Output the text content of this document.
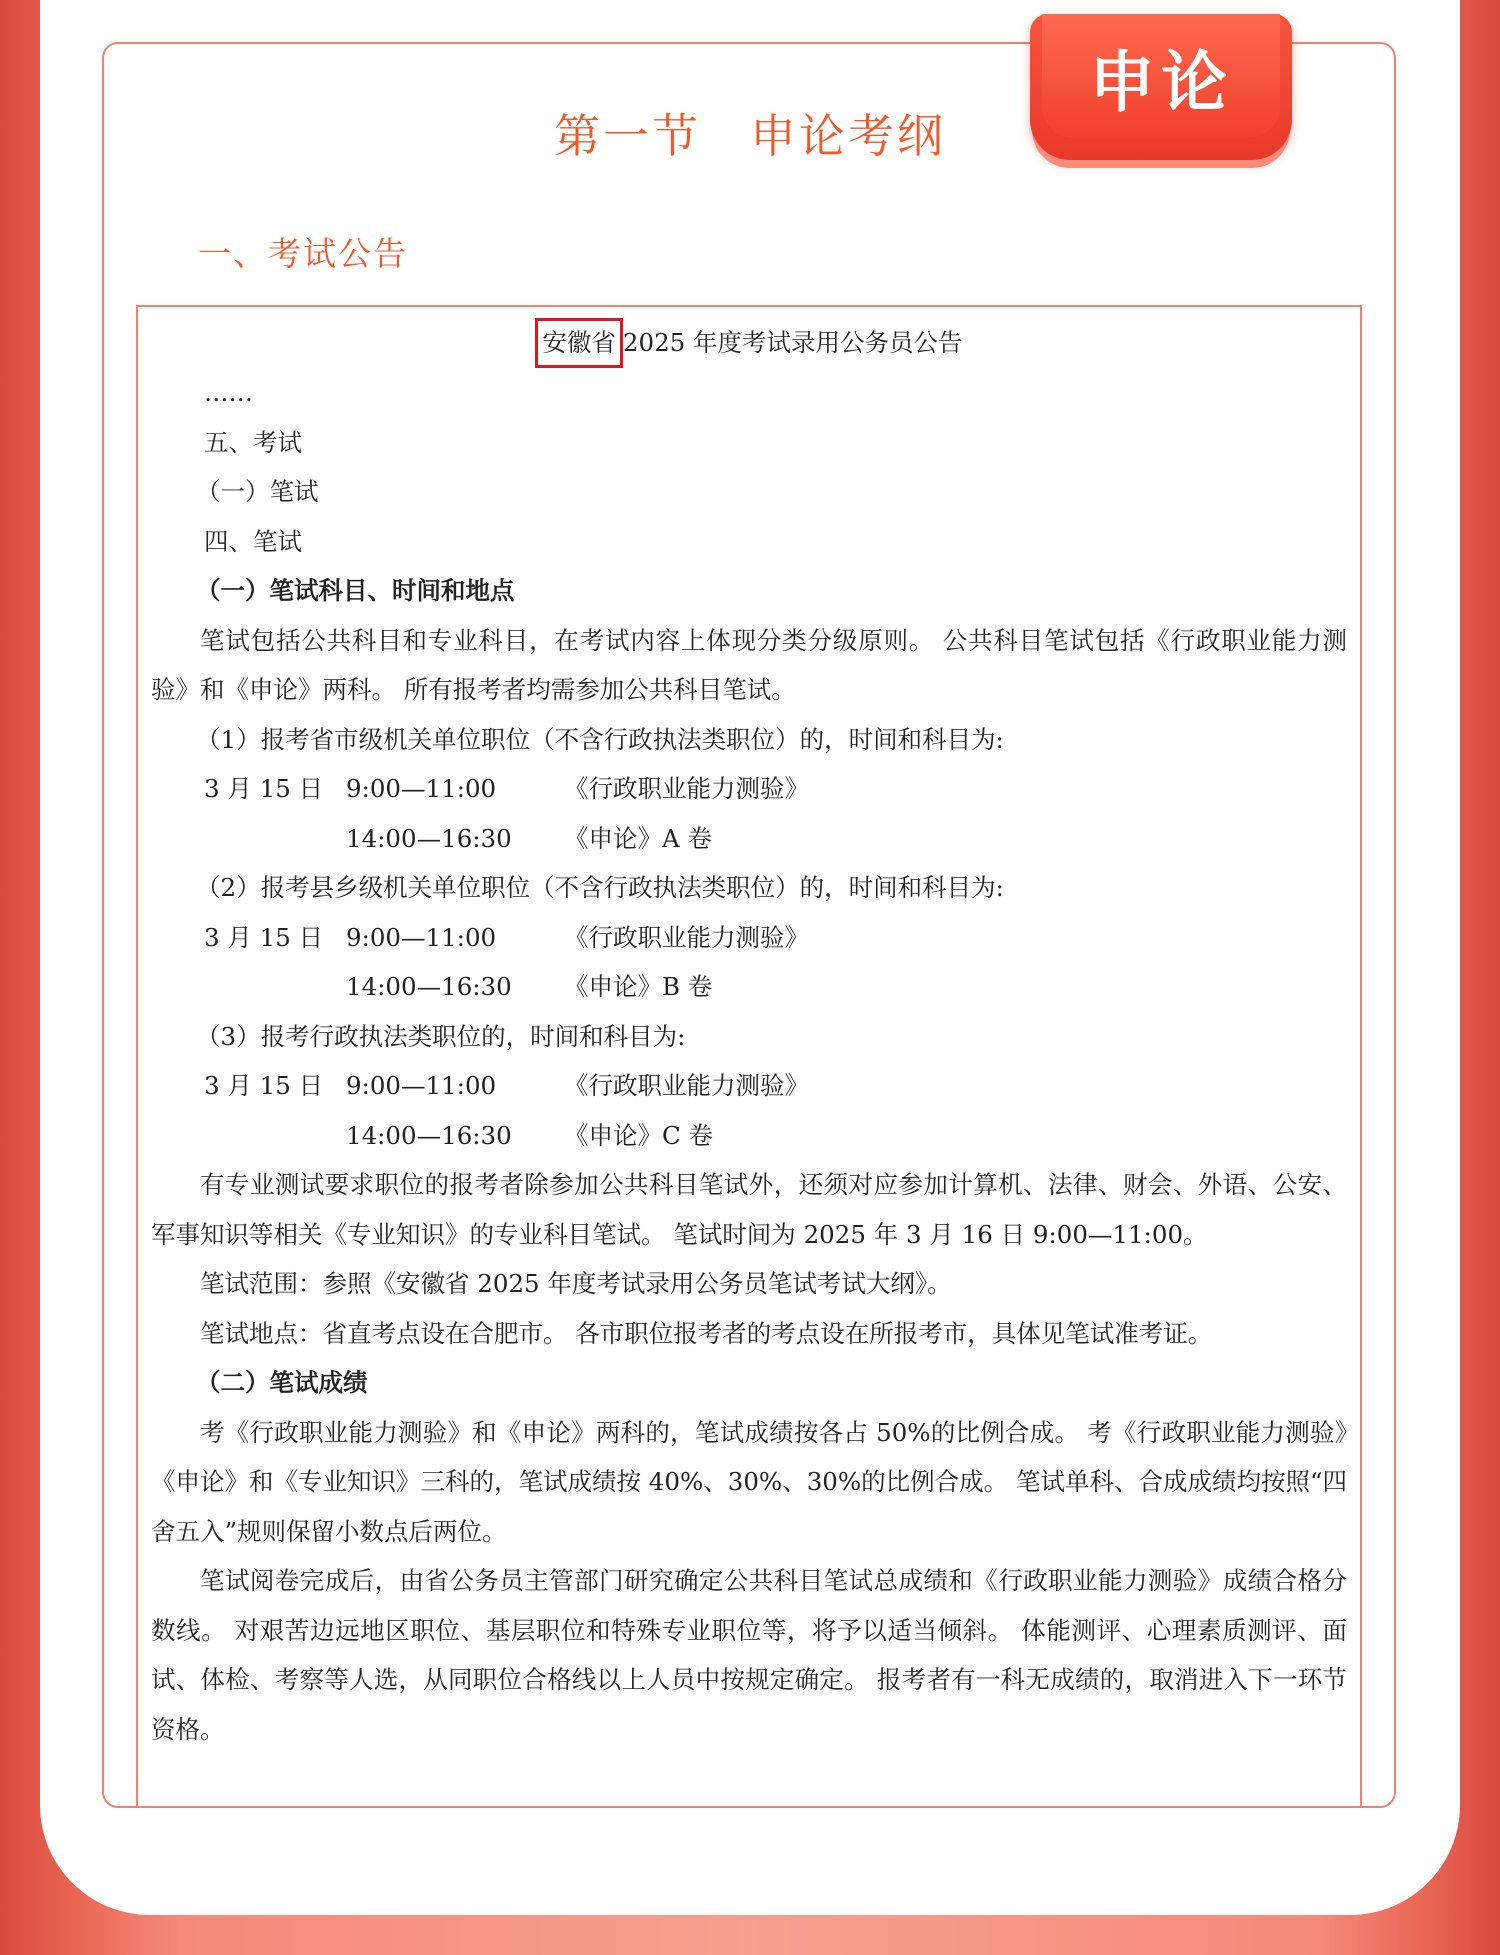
申论
第一节　申论考纲
一、考试公告
安徽省 2025 年度考试录用公务员公告
……
五、考试
（一）笔试
四、笔试
（一）笔试科目、时间和地点
笔试包括公共科目和专业科目，在考试内容上体现分类分级原则。 公共科目笔试包括《行政职业能力测验》和《申论》两科。 所有报考者均需参加公共科目笔试。
（1）报考省市级机关单位职位（不含行政执法类职位）的，时间和科目为:
3 月 15 日 9:00—11:00	《行政职业能力测验》
14:00—16:30	《申论》A 卷
（2）报考县乡级机关单位职位（不含行政执法类职位）的，时间和科目为:
3 月 15 日 9:00—11:00	《行政职业能力测验》
14:00—16:30	《申论》B 卷
（3）报考行政执法类职位的，时间和科目为:
3 月 15 日 9:00—11:00	《行政职业能力测验》
14:00—16:30	《申论》C 卷
有专业测试要求职位的报考者除参加公共科目笔试外，还须对应参加计算机、法律、财会、外语、公安、军事知识等相关《专业知识》的专业科目笔试。 笔试时间为 2025 年 3 月 16 日 9:00—11:00。
笔试范围：参照《安徽省 2025 年度考试录用公务员笔试考试大纲》。
笔试地点：省直考点设在合肥市。 各市职位报考者的考点设在所报考市，具体见笔试准考证。
（二）笔试成绩
考《行政职业能力测验》和《申论》两科的，笔试成绩按各占 50%的比例合成。 考《行政职业能力测验》《申论》和《专业知识》三科的，笔试成绩按 40%、30%、30%的比例合成。 笔试单科、合成成绩均按照“四舍五入”规则保留小数点后两位。
笔试阅卷完成后，由省公务员主管部门研究确定公共科目笔试总成绩和《行政职业能力测验》成绩合格分数线。 对艰苦边远地区职位、基层职位和特殊专业职位等，将予以适当倾斜。 体能测评、心理素质测评、面试、体检、考察等人选，从同职位合格线以上人员中按规定确定。 报考者有一科无成绩的，取消进入下一环节资格。
